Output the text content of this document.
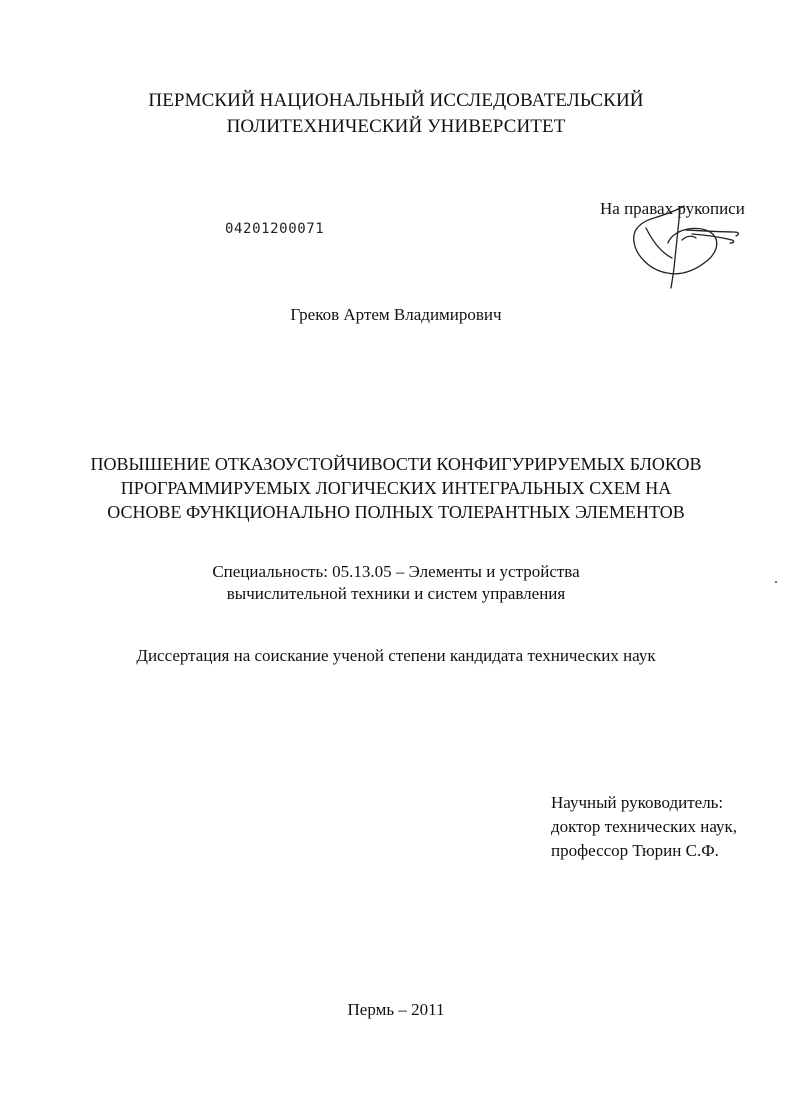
ПЕРМСКИЙ НАЦИОНАЛЬНЫЙ ИССЛЕДОВАТЕЛЬСКИЙ
ПОЛИТЕХНИЧЕСКИЙ УНИВЕРСИТЕТ
04201200071
На правах рукописи
Греков Артем Владимирович
ПОВЫШЕНИЕ ОТКАЗОУСТОЙЧИВОСТИ КОНФИГУРИРУЕМЫХ БЛОКОВ
ПРОГРАММИРУЕМЫХ ЛОГИЧЕСКИХ ИНТЕГРАЛЬНЫХ СХЕМ НА
ОСНОВЕ ФУНКЦИОНАЛЬНО ПОЛНЫХ ТОЛЕРАНТНЫХ ЭЛЕМЕНТОВ
Специальность: 05.13.05 – Элементы и устройства
вычислительной техники и систем управления
Диссертация на соискание ученой степени кандидата технических наук
Научный руководитель:
доктор технических наук,
профессор Тюрин С.Ф.
Пермь – 2011
